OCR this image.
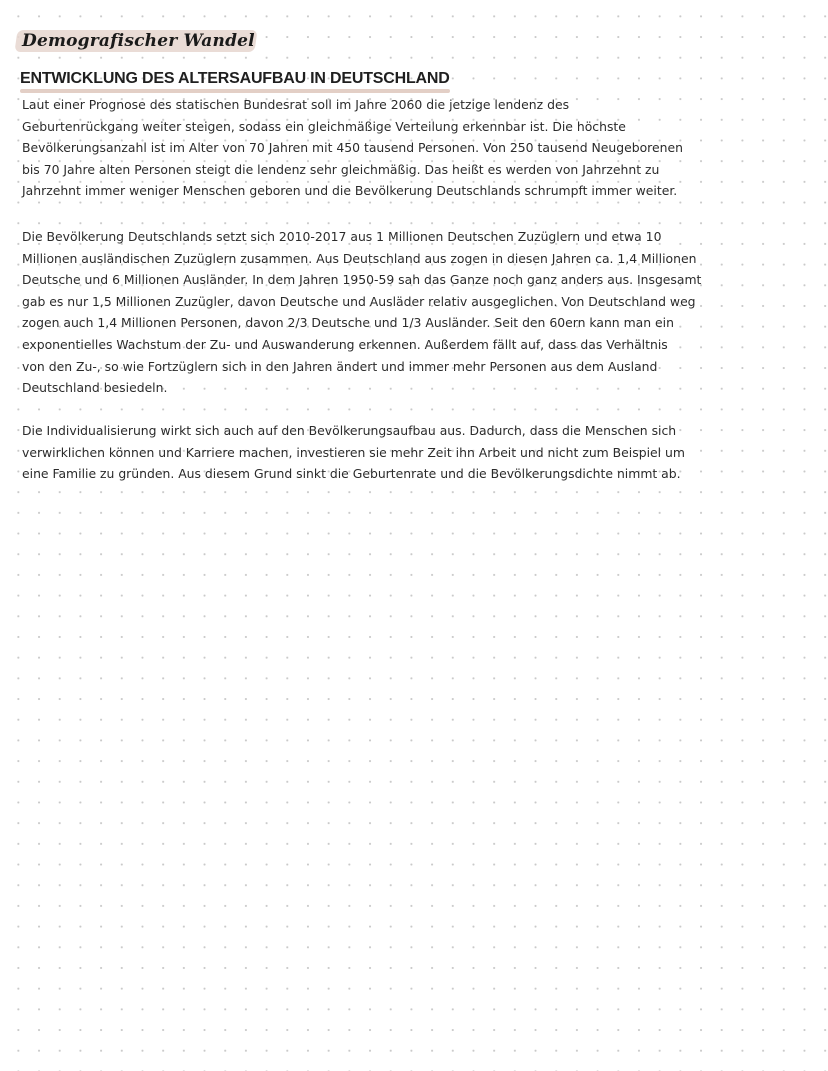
Demografischer Wandel
ENTWICKLUNG DES ALTERSAUFBAU IN DEUTSCHLAND

Laut einer Prognose des statischen Bundesrat soll im Jahre 2060 die jetzige lendenz des
Geburtenrückgang weiter steigen, sodass ein gleichmäßige Verteilung erkennbar ist. Die höchste
Bevölkerungsanzahl ist im Alter von 70 Jahren mit 450 tausend Personen. Von 250 tausend Neugeborenen
bis 70 Jahre alten Personen steigt die lendenz sehr gleichmäßig. Das heißt es werden von Jahrzehnt zu
Jahrzehnt immer weniger Menschen geboren und die Bevölkerung Deutschlands schrumpft immer weiter.

Die Bevölkerung Deutschlands setzt sich 2010-2017 aus 1 Millionen Deutschen Zuzüglern und etwa 10
Millionen ausländischen Zuzüglern zusammen. Aus Deutschland aus zogen in diesen Jahren ca. 1,4 Millionen
Deutsche und 6 Millionen Ausländer. In dem Jahren 1950-59 sah das Ganze noch ganz anders aus. Insgesamt
gab es nur 1,5 Millionen Zuzügler, davon Deutsche und Ausläder relativ ausgeglichen. Von Deutschland weg
zogen auch 1,4 Millionen Personen, davon 2/3 Deutsche und 1/3 Ausländer. Seit den 60ern kann man ein
exponentielles Wachstum der Zu- und Auswanderung erkennen. Außerdem fällt auf, dass das Verhältnis
von den Zu-, so wie Fortzüglern sich in den Jahren ändert und immer mehr Personen aus dem Ausland
Deutschland besiedeln.

Die Individualisierung wirkt sich auch auf den Bevölkerungsaufbau aus. Dadurch, dass die Menschen sich
verwirklichen können und Karriere machen, investieren sie mehr Zeit ihn Arbeit und nicht zum Beispiel um
eine Familie zu gründen. Aus diesem Grund sinkt die Geburtenrate und die Bevölkerungsdichte nimmt ab.
